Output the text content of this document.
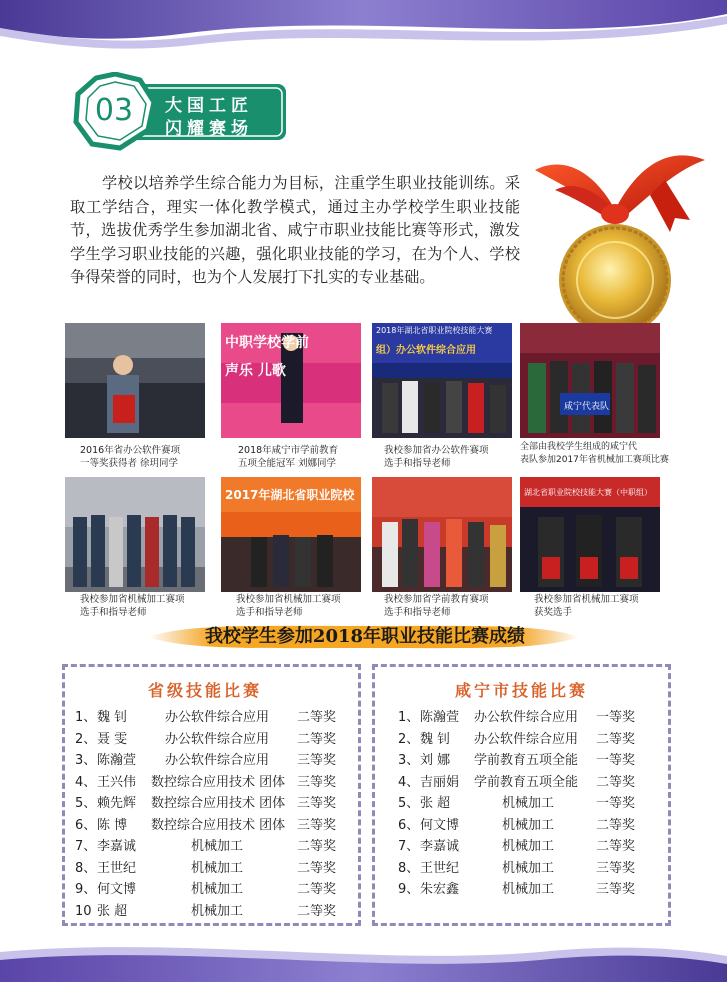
03	大国工匠
闪耀赛场
学校以培养学生综合能力为目标，注重学生职业技能训练。采取工学结合，理实一体化教学模式，通过主办学校学生职业技能节，选拔优秀学生参加湖北省、咸宁市职业技能比赛等形式，激发学生学习职业技能的兴趣，强化职业技能的学习，在为个人、学校争得荣誉的同时，也为个人发展打下扎实的专业基础。
中职学校学前
声乐 儿歌
2018年湖北省职业院校技能大赛
组）办公软件综合应用
咸宁代表队
2016年省办公软件赛项
一等奖获得者 徐玥同学
2018年咸宁市学前教育
五项全能冠军 刘娜同学
我校参加省办公软件赛项
选手和指导老师
全部由我校学生组成的咸宁代
表队参加2017年省机械加工赛项比赛
2017年湖北省职业院校	湖北省职业院校技能大赛（中职组）
我校参加省机械加工赛项
选手和指导老师
我校参加省机械加工赛项
选手和指导老师
我校参加省学前教育赛项
选手和指导老师
我校参加省机械加工赛项
获奖选手
我校学生参加2018年职业技能比赛成绩
省级技能比赛
1、 魏 钊	办公软件综合应用 二等奖
2、 聂 雯	办公软件综合应用 二等奖
3、 陈瀚萱 办公软件综合应用 三等奖
4、 王兴伟 数控综合应用技术 团体 三等奖
5、 赖先辉 数控综合应用技术 团体 三等奖
6、 陈 博 数控综合应用技术 团体 三等奖
7、 李嘉诚	机械加工	二等奖
8、 王世纪	机械加工	二等奖
9、 何文博	机械加工	二等奖
10 张 超	机械加工	二等奖
咸宁市技能比赛
1、 陈瀚萱 办公软件综合应用 一等奖
2、 魏 钊 办公软件综合应用 二等奖
3、 刘 娜 学前教育五项全能 一等奖
4、 吉丽娟 学前教育五项全能 二等奖
5、 张 超	机械加工	一等奖
6、 何文博	机械加工	二等奖
7、 李嘉诚	机械加工	二等奖
8、 王世纪	机械加工	三等奖
9、 朱宏鑫	机械加工	三等奖
